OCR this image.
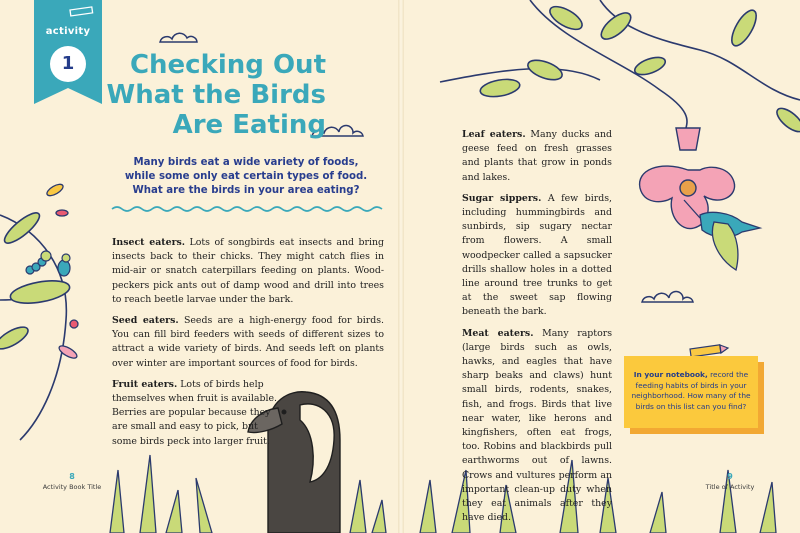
activity
1	Checking Out
What the Birds
Are Eating
Many birds eat a wide variety of foods,
while some only eat certain types of food.
What are the birds in your area eating?

Insect eaters. Lots of songbirds eat insects and bring insects back to their chicks. They might catch flies in mid-air or snatch caterpillars feeding on plants. Wood-peckers pick ants out of damp wood and drill into trees to reach beetle larvae under the bark.

Seed eaters. Seeds are a high-energy food for birds. You can fill bird feeders with seeds of different sizes to attract a wide variety of birds. And seeds left on plants over winter are important sources of food for birds.

Fruit eaters. Lots of birds help themselves when fruit is available. Berries are popular because they are small and easy to pick, but some birds peck into larger fruit.

Leaf eaters. Many ducks and geese feed on fresh grasses and plants that grow in ponds and lakes.

Sugar sippers. A few birds, including hummingbirds and sunbirds, sip sugary nectar from flowers. A small woodpecker called a sapsucker drills shallow holes in a dotted line around tree trunks to get at the sweet sap flowing beneath the bark.

Meat eaters. Many raptors (large birds such as owls, hawks, and eagles that have sharp beaks and claws) hunt small birds, rodents, snakes, fish, and frogs. Birds that live near water, like herons and kingfishers, often eat frogs, too. Robins and blackbirds pull earthworms out of lawns. Crows and vultures perform an important clean-up duty when they eat animals after they have died.

In your notebook, record the feeding habits of birds in your neighborhood. How many of the birds on this list can you find?
8
Activity Book Title
9
Title of Activity
